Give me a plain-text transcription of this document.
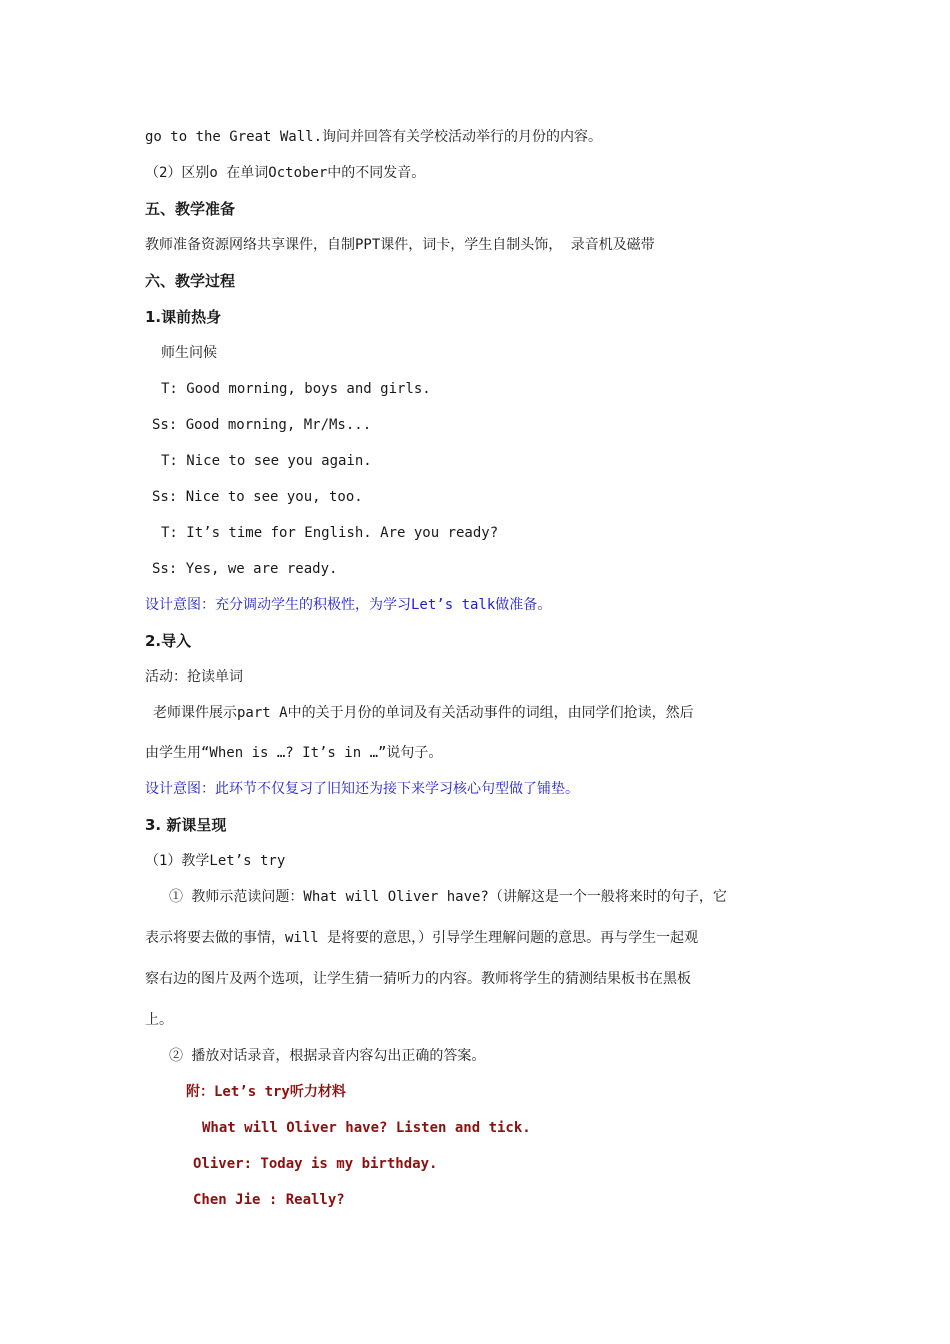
go to the Great Wall.询问并回答有关学校活动举行的月份的内容。
（2）区别o 在单词October中的不同发音。
五、教学准备
教师准备资源网络共享课件，自制PPT课件，词卡，学生自制头饰， 录音机及磁带
六、教学过程
1.课前热身
师生问候
T: Good morning, boys and girls.
Ss: Good morning, Mr/Ms...
T: Nice to see you again.
Ss: Nice to see you, too.
T: It’s time for English. Are you ready?
Ss: Yes, we are ready.
设计意图：充分调动学生的积极性，为学习Let’s talk做准备。
2.导入
活动：抢读单词
老师课件展示part A中的关于月份的单词及有关活动事件的词组，由同学们抢读，然后
由学生用“When is …? It’s in …”说句子。
设计意图：此环节不仅复习了旧知还为接下来学习核心句型做了铺垫。
3. 新课呈现
（1）教学Let’s try
① 教师示范读问题：What will Oliver have?（讲解这是一个一般将来时的句子，它
表示将要去做的事情，will 是将要的意思，）引导学生理解问题的意思。再与学生一起观
察右边的图片及两个选项，让学生猜一猜听力的内容。教师将学生的猜测结果板书在黑板
上。
② 播放对话录音，根据录音内容勾出正确的答案。
附：Let’s try听力材料
What will Oliver have? Listen and tick.
Oliver: Today is my birthday.
Chen Jie : Really?
